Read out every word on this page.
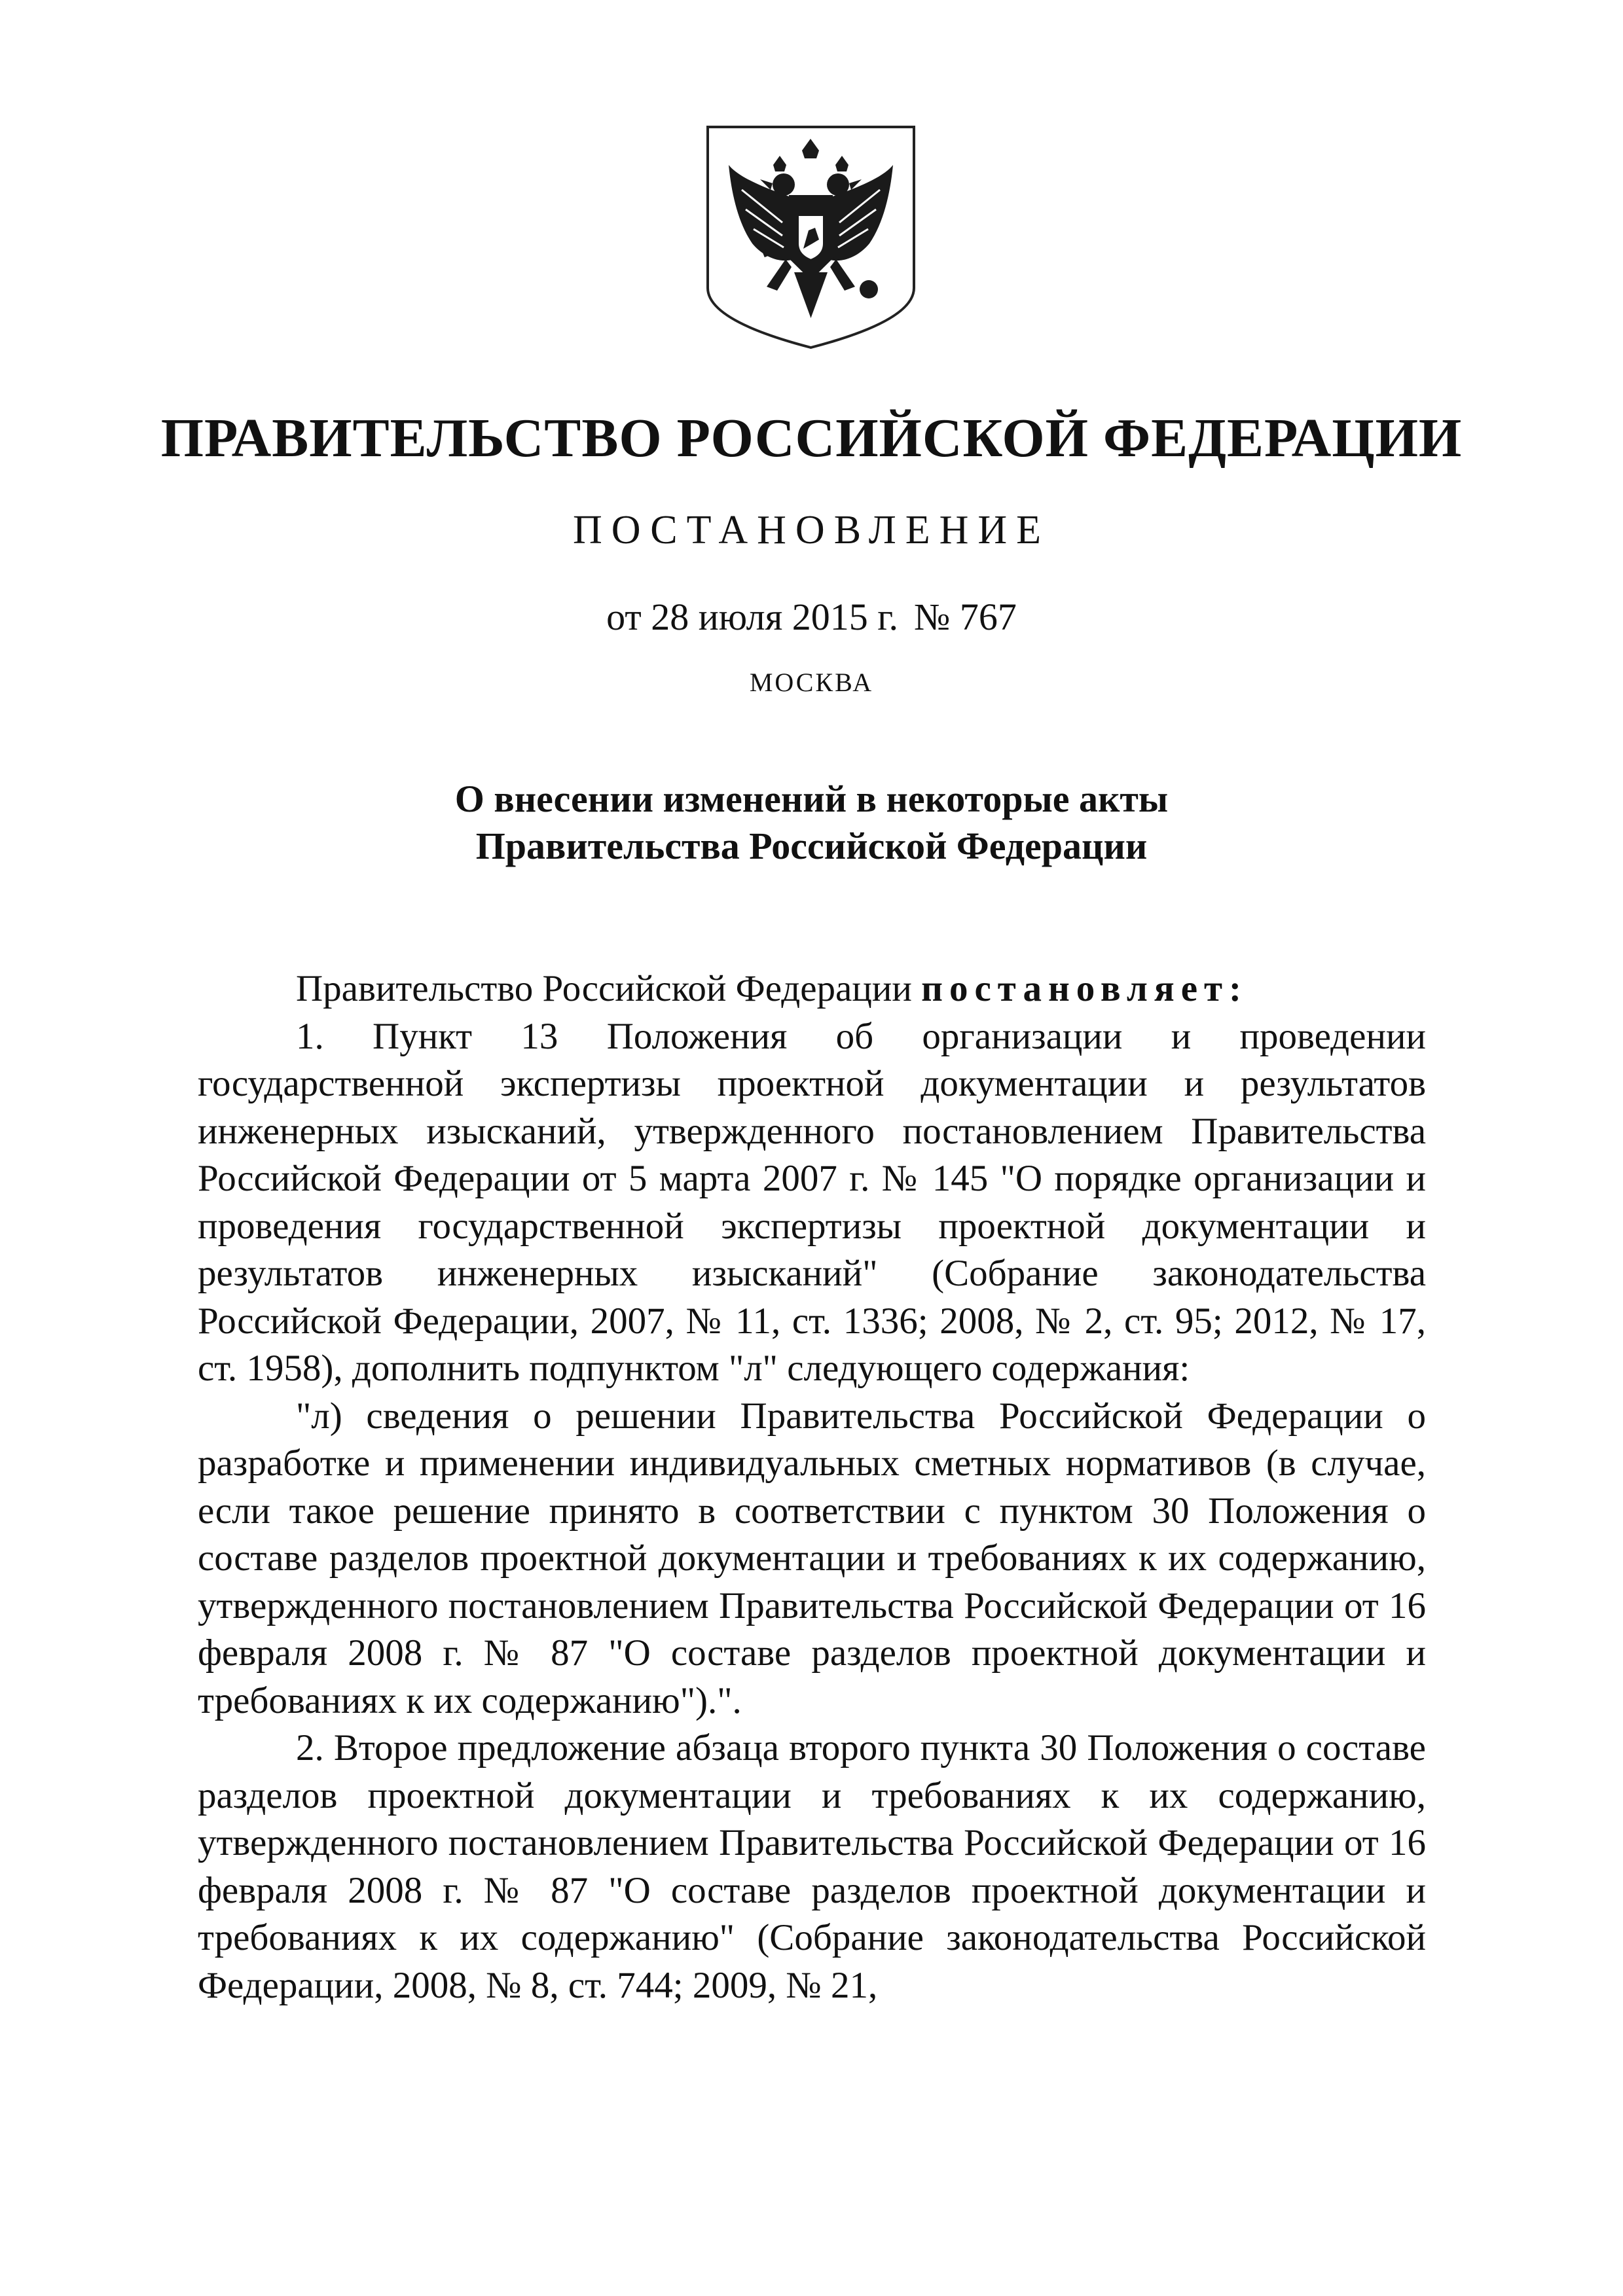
ПРАВИТЕЛЬСТВО РОССИЙСКОЙ ФЕДЕРАЦИИ
ПОСТАНОВЛЕНИЕ
от 28 июля 2015 г. № 767
МОСКВА
О внесении изменений в некоторые акты
Правительства Российской Федерации

Правительство Российской Федерации постановляет:

1. Пункт 13 Положения об организации и проведении государственной экспертизы проектной документации и результатов инженерных изысканий, утвержденного постановлением Правительства Российской Федерации от 5 марта 2007 г. № 145 "О порядке организации и проведения государственной экспертизы проектной документации и результатов инженерных изысканий" (Собрание законодательства Российской Федерации, 2007, № 11, ст. 1336; 2008, № 2, ст. 95; 2012, № 17, ст. 1958), дополнить подпунктом "л" следующего содержания:

"л) сведения о решении Правительства Российской Федерации о разработке и применении индивидуальных сметных нормативов (в случае, если такое решение принято в соответствии с пунктом 30 Положения о составе разделов проектной документации и требованиях к их содержанию, утвержденного постановлением Правительства Российской Федерации от 16 февраля 2008 г. № 87 "О составе разделов проектной документации и требованиях к их содержанию").".

2. Второе предложение абзаца второго пункта 30 Положения о составе разделов проектной документации и требованиях к их содержанию, утвержденного постановлением Правительства Российской Федерации от 16 февраля 2008 г. № 87 "О составе разделов проектной документации и требованиях к их содержанию" (Собрание законодательства Российской Федерации, 2008, № 8, ст. 744; 2009, № 21,
